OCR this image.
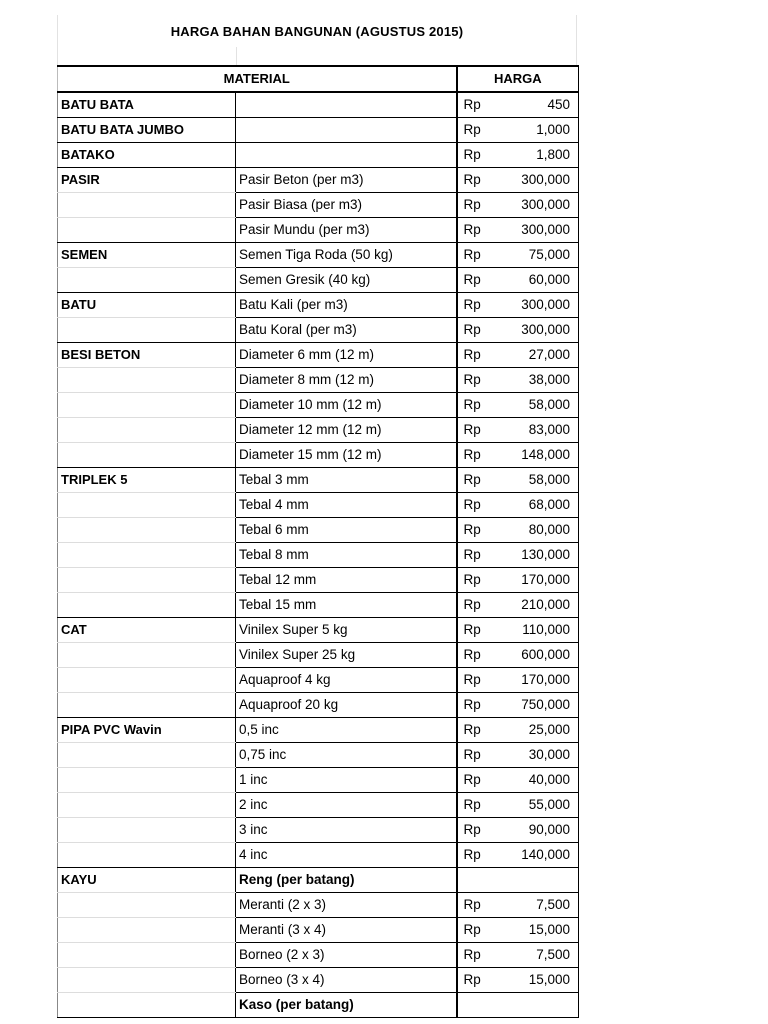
HARGA BAHAN BANGUNAN (AGUSTUS 2015)
MATERIAL		HARGA	
BATU BATA		Rp	450
BATU BATA JUMBO		Rp	1,000
BATAKO		Rp	1,800
PASIR	Pasir Beton (per m3)	Rp	300,000
	Pasir Biasa (per m3)	Rp	300,000
	Pasir Mundu (per m3)	Rp	300,000
SEMEN	Semen Tiga Roda (50 kg)	Rp	75,000
	Semen Gresik (40 kg)	Rp	60,000
BATU	Batu Kali (per m3)	Rp	300,000
	Batu Koral (per m3)	Rp	300,000
BESI BETON	Diameter 6 mm (12 m)	Rp	27,000
	Diameter 8 mm (12 m)	Rp	38,000
	Diameter 10 mm (12 m)	Rp	58,000
	Diameter 12 mm (12 m)	Rp	83,000
	Diameter 15 mm (12 m)	Rp	148,000
TRIPLEK 5	Tebal 3 mm	Rp	58,000
	Tebal 4 mm	Rp	68,000
	Tebal 6 mm	Rp	80,000
	Tebal 8 mm	Rp	130,000
	Tebal 12 mm	Rp	170,000
	Tebal 15 mm	Rp	210,000
CAT	Vinilex Super 5 kg	Rp	110,000
	Vinilex Super 25 kg	Rp	600,000
	Aquaproof 4 kg	Rp	170,000
	Aquaproof 20 kg	Rp	750,000
PIPA PVC Wavin	0,5 inc	Rp	25,000
	0,75 inc	Rp	30,000
	1 inc	Rp	40,000
	2 inc	Rp	55,000
	3 inc	Rp	90,000
	4 inc	Rp	140,000
KAYU	Reng (per batang)		
	Meranti (2 x 3)	Rp	7,500
	Meranti (3 x 4)	Rp	15,000
	Borneo (2 x 3)	Rp	7,500
	Borneo (3 x 4)	Rp	15,000
	Kaso (per batang)		
